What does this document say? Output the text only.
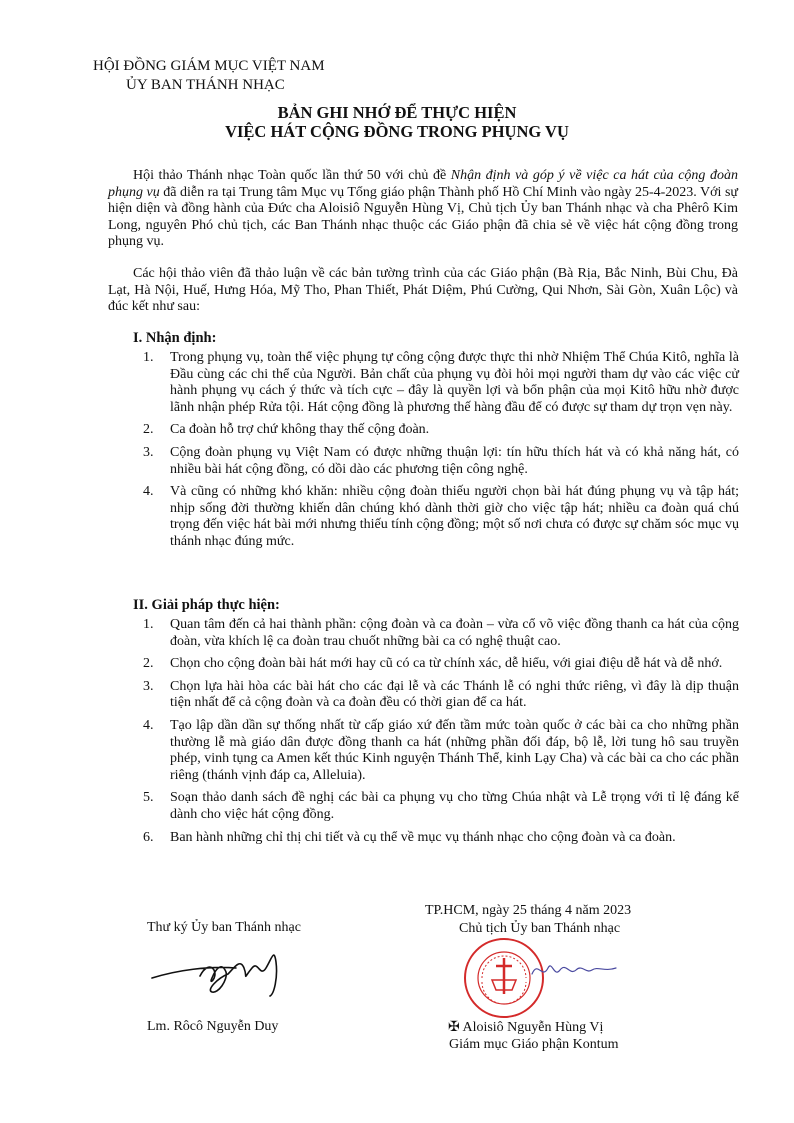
HỘI ĐỒNG GIÁM MỤC VIỆT NAM
ỦY BAN THÁNH NHẠC
BẢN GHI NHỚ ĐỂ THỰC HIỆN
VIỆC HÁT CỘNG ĐỒNG TRONG PHỤNG VỤ

Hội thảo Thánh nhạc Toàn quốc lần thứ 50 với chủ đề Nhận định và góp ý về việc ca hát của cộng đoàn phụng vụ đã diễn ra tại Trung tâm Mục vụ Tổng giáo phận Thành phố Hồ Chí Minh vào ngày 25-4-2023. Với sự hiện diện và đồng hành của Đức cha Aloisiô Nguyễn Hùng Vị, Chủ tịch Ủy ban Thánh nhạc và cha Phêrô Kim Long, nguyên Phó chủ tịch, các Ban Thánh nhạc thuộc các Giáo phận đã chia sẻ về việc hát cộng đồng trong phụng vụ.

Các hội thảo viên đã thảo luận về các bản tường trình của các Giáo phận (Bà Rịa, Bắc Ninh, Bùi Chu, Đà Lạt, Hà Nội, Huế, Hưng Hóa, Mỹ Tho, Phan Thiết, Phát Diệm, Phú Cường, Qui Nhơn, Sài Gòn, Xuân Lộc) và đúc kết như sau:

I. Nhận định:
1. Trong phụng vụ, toàn thể việc phụng tự công cộng được thực thi nhờ Nhiệm Thể Chúa Kitô, nghĩa là Đầu cùng các chi thể của Người. Bản chất của phụng vụ đòi hỏi mọi người tham dự vào các việc cử hành phụng vụ cách ý thức và tích cực – đây là quyền lợi và bổn phận của mọi Kitô hữu nhờ được lãnh nhận phép Rửa tội. Hát cộng đồng là phương thế hàng đầu để có được sự tham dự trọn vẹn này.
2. Ca đoàn hỗ trợ chứ không thay thế cộng đoàn.
3. Cộng đoàn phụng vụ Việt Nam có được những thuận lợi: tín hữu thích hát và có khả năng hát, có nhiều bài hát cộng đồng, có dồi dào các phương tiện công nghệ.
4. Và cũng có những khó khăn: nhiều cộng đoàn thiếu người chọn bài hát đúng phụng vụ và tập hát; nhịp sống đời thường khiến dân chúng khó dành thời giờ cho việc tập hát; nhiều ca đoàn quá chú trọng đến việc hát bài mới nhưng thiếu tính cộng đồng; một số nơi chưa có được sự chăm sóc mục vụ thánh nhạc đúng mức.
II. Giải pháp thực hiện:
1. Quan tâm đến cả hai thành phần: cộng đoàn và ca đoàn – vừa cổ võ việc đồng thanh ca hát của cộng đoàn, vừa khích lệ ca đoàn trau chuốt những bài ca có nghệ thuật cao.
2. Chọn cho cộng đoàn bài hát mới hay cũ có ca từ chính xác, dễ hiểu, với giai điệu dễ hát và dễ nhớ.
3. Chọn lựa hài hòa các bài hát cho các đại lễ và các Thánh lễ có nghi thức riêng, vì đây là dịp thuận tiện nhất để cả cộng đoàn và ca đoàn đều có thời gian để ca hát.
4. Tạo lập dần dần sự thống nhất từ cấp giáo xứ đến tầm mức toàn quốc ở các bài ca cho những phần thường lễ mà giáo dân được đồng thanh ca hát (những phần đối đáp, bộ lễ, lời tung hô sau truyền phép, vinh tụng ca Amen kết thúc Kinh nguyện Thánh Thể, kinh Lạy Cha) và các bài ca cho các phần riêng (thánh vịnh đáp ca, Alleluia).
5. Soạn thảo danh sách đề nghị các bài ca phụng vụ cho từng Chúa nhật và Lễ trọng với tỉ lệ đáng kể dành cho việc hát cộng đồng.
6. Ban hành những chỉ thị chi tiết và cụ thể về mục vụ thánh nhạc cho cộng đoàn và ca đoàn.
TP.HCM, ngày 25 tháng 4 năm 2023
Chủ tịch Ủy ban Thánh nhạc
Thư ký Ủy ban Thánh nhạc
Lm. Rôcô Nguyễn Duy	✠ Aloisiô Nguyễn Hùng Vị
Giám mục Giáo phận Kontum
